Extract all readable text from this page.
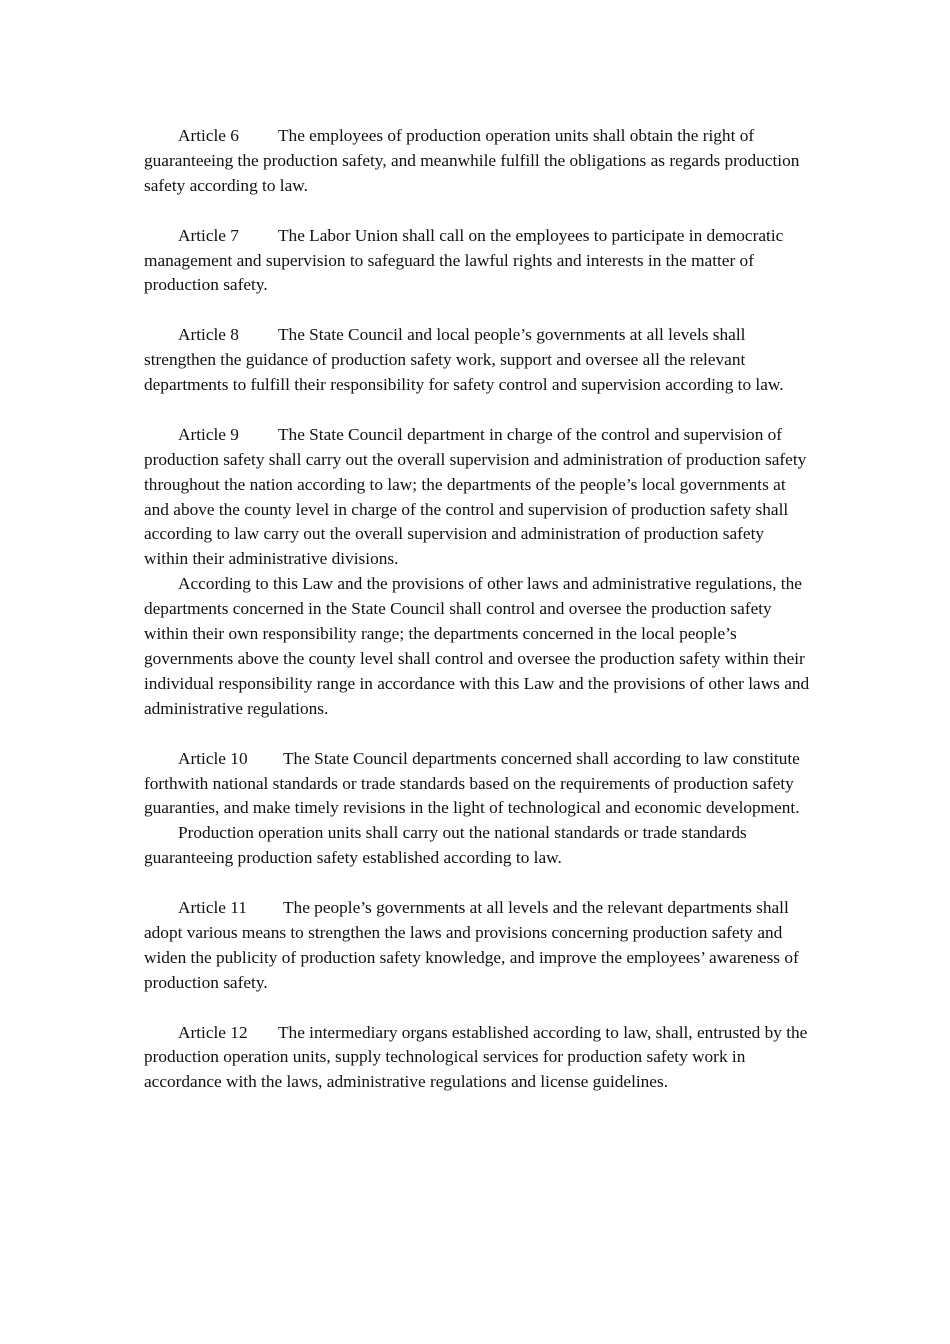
Article 6 The employees of production operation units shall obtain the right of guaranteeing the production safety, and meanwhile fulfill the obligations as regards production safety according to law.

Article 7 The Labor Union shall call on the employees to participate in democratic management and supervision to safeguard the lawful rights and interests in the matter of production safety.

Article 8 The State Council and local people’s governments at all levels shall strengthen the guidance of production safety work, support and oversee all the relevant departments to fulfill their responsibility for safety control and supervision according to law.

Article 9 The State Council department in charge of the control and supervision of production safety shall carry out the overall supervision and administration of production safety throughout the nation according to law; the departments of the people’s local governments at and above the county level in charge of the control and supervision of production safety shall according to law carry out the overall supervision and administration of production safety within their administrative divisions.

According to this Law and the provisions of other laws and administrative regulations, the departments concerned in the State Council shall control and oversee the production safety within their own responsibility range; the departments concerned in the local people’s governments above the county level shall control and oversee the production safety within their individual responsibility range in accordance with this Law and the provisions of other laws and administrative regulations.

Article 10 The State Council departments concerned shall according to law constitute forthwith national standards or trade standards based on the requirements of production safety guaranties, and make timely revisions in the light of technological and economic development.

Production operation units shall carry out the national standards or trade standards guaranteeing production safety established according to law.

Article 11 The people’s governments at all levels and the relevant departments shall adopt various means to strengthen the laws and provisions concerning production safety and widen the publicity of production safety knowledge, and improve the employees’ awareness of production safety.

Article 12 The intermediary organs established according to law, shall, entrusted by the production operation units, supply technological services for production safety work in accordance with the laws, administrative regulations and license guidelines.
